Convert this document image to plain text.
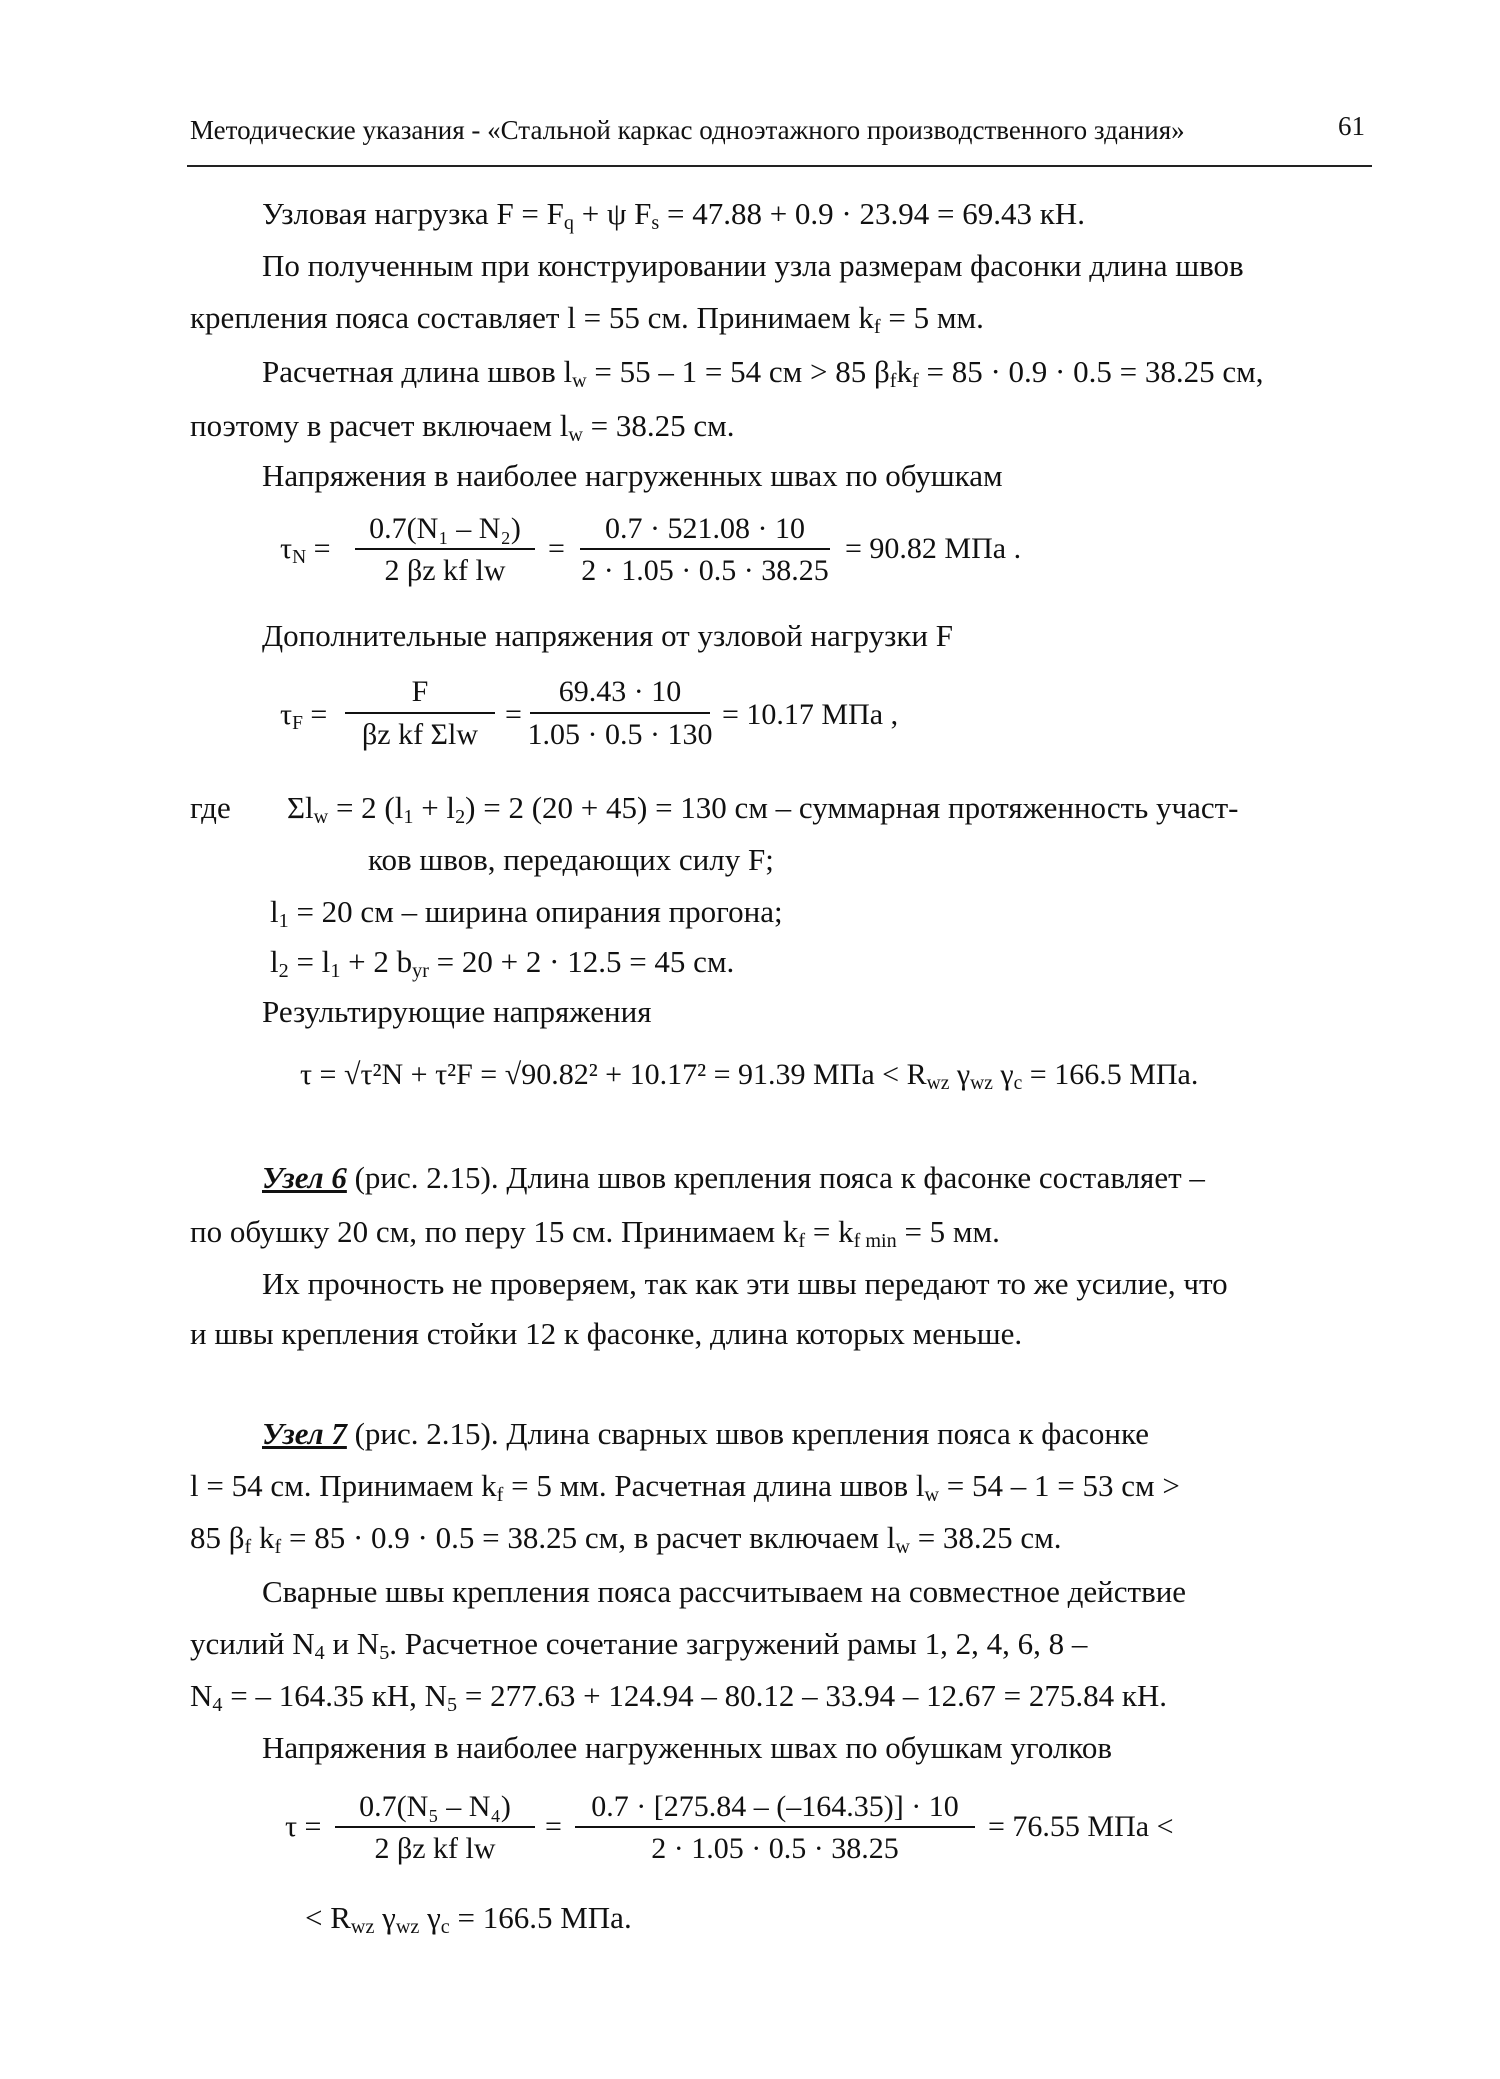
Методические указания - «Стальной каркас одноэтажного производственного здания»	61
Узловая нагрузка $F = F_q + \psi$ $F_s = 47.88 + 0.9 \cdot 23.94 = 69.43$ кН.
По полученным при конструировании узла размерам фасонки длина швов
крепления пояса составляет l = 55 см. Принимаем $k_f = 5$ мм.
Расчетная длина швов $l_w = 55 - 1 = 54$ см > 85 $\beta_fk_f = 85 \cdot 0.9 \cdot 0.5 = 38.25$ см,
поэтому в расчет включаем $l_w = 38.25$ см.
Напряжения в наиболее нагруженных швах по обушкам
$\tau_N$ =
0.7(N₁ – N₂)
2 βz kf lw
=
0.7 · 521.08 · 10
2 · 1.05 · 0.5 · 38.25
= 90.82 МПа .
Дополнительные напряжения от узловой нагрузки F
$\tau_F$ =
F
βz kf Σlw
=
69.43 · 10
1.05 · 0.5 · 130
= 10.17 МПа ,
где $\Sigma l_w = 2$ $(l_1 + l_2) = 2$ (20 + 45) = 130 см – суммарная протяженность участ-
ков швов, передающих силу F;
$l_1 = 20$ см – ширина опирания прогона;
$l_2 = l_1 + 2$ $b_{yr} = 20 + 2 \cdot 12.5 = 45$ см.
Результирующие напряжения
τ = √τ²N + τ²F = √90.82² + 10.17² = 91.39 МПа < $R_{wz}$ $\gamma_{wz}$ $\gamma_c = 166.5$ МПа.
Узел 6 (рис. 2.15). Длина швов крепления пояса к фасонке составляет –
по обушку 20 см, по перу 15 см. Принимаем $k_f = k_{f min} = 5$ мм.
Их прочность не проверяем, так как эти швы передают то же усилие, что
и швы крепления стойки 12 к фасонке, длина которых меньше.
Узел 7 (рис. 2.15). Длина сварных швов крепления пояса к фасонке
l = 54 см. Принимаем $k_f = 5$ мм. Расчетная длина швов $l_w = 54 - 1 = 53$ см >
85 $\beta_f$ $k_f = 85 \cdot 0.9 \cdot 0.5 = 38.25$ см, в расчет включаем $l_w = 38.25$ см.
Сварные швы крепления пояса рассчитываем на совместное действие
усилий $N_4$ и $N_5$. Расчетное сочетание загружений рамы 1, 2, 4, 6, 8 –
$N_4$ = – 164.35 кН, $N_5 = 277.63 + 124.94 - 80.12 - 33.94 - 12.67 = 275.84$ кН.
Напряжения в наиболее нагруженных швах по обушкам уголков
τ =
0.7(N₅ – N₄)
2 βz kf lw
=
0.7 · [275.84 – (–164.35)] · 10
2 · 1.05 · 0.5 · 38.25
= 76.55 МПа <
< $R_{wz}$ $\gamma_{wz}$ $\gamma_c = 166.5$ МПа.
